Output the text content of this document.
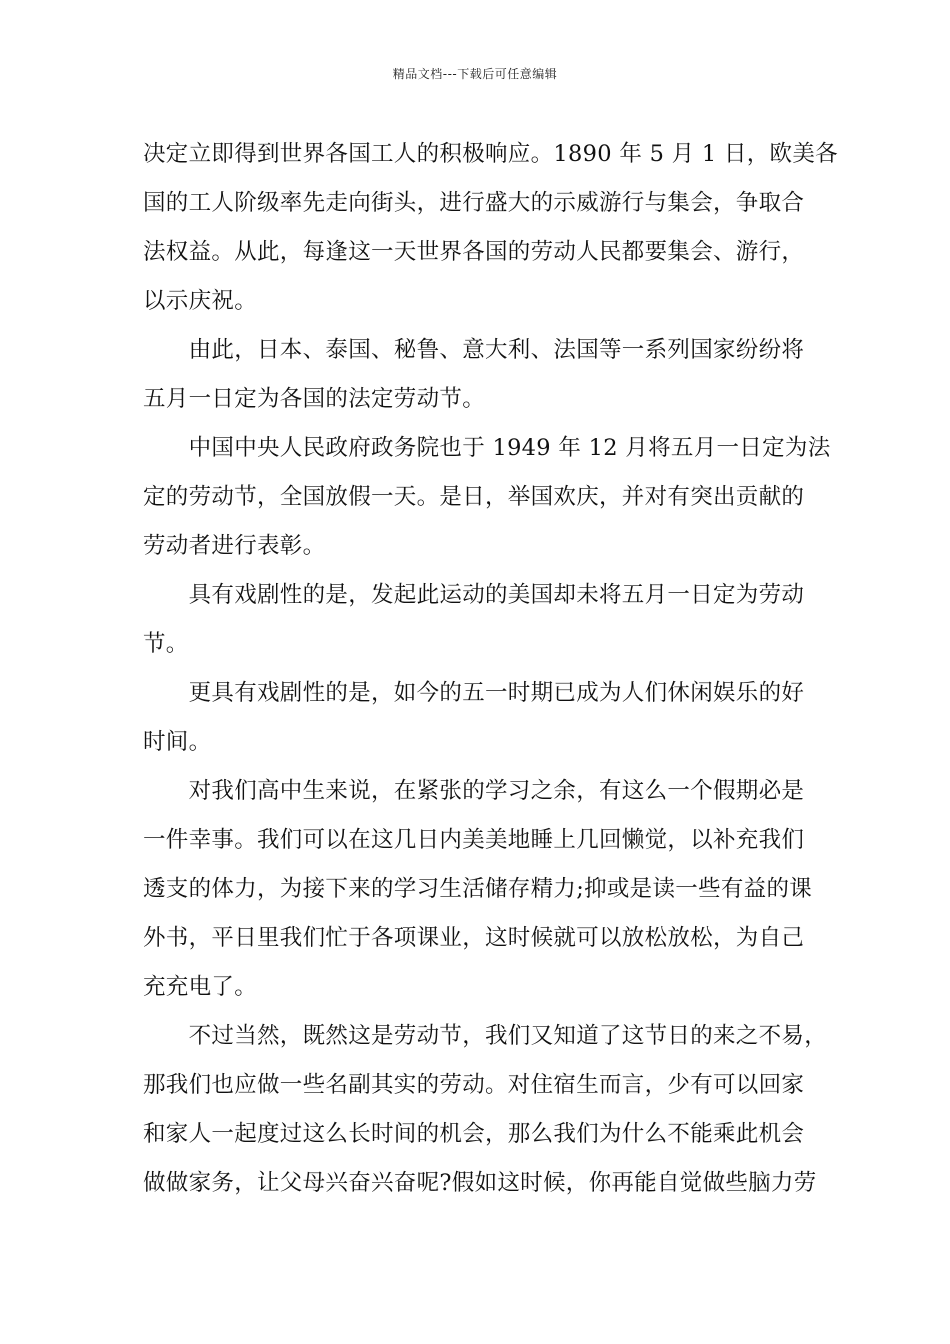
精品文档---下载后可任意编辑
决定立即得到世界各国工人的积极响应。1890 年 5 月 1 日，欧美各
国的工人阶级率先走向街头，进行盛大的示威游行与集会，争取合
法权益。从此，每逢这一天世界各国的劳动人民都要集会、游行，
以示庆祝。
　　由此，日本、泰国、秘鲁、意大利、法国等一系列国家纷纷将
五月一日定为各国的法定劳动节。
　　中国中央人民政府政务院也于 1949 年 12 月将五月一日定为法
定的劳动节，全国放假一天。是日，举国欢庆，并对有突出贡献的
劳动者进行表彰。
　　具有戏剧性的是，发起此运动的美国却未将五月一日定为劳动
节。
　　更具有戏剧性的是，如今的五一时期已成为人们休闲娱乐的好
时间。
　　对我们高中生来说，在紧张的学习之余，有这么一个假期必是
一件幸事。我们可以在这几日内美美地睡上几回懒觉，以补充我们
透支的体力，为接下来的学习生活储存精力;抑或是读一些有益的课
外书，平日里我们忙于各项课业，这时候就可以放松放松，为自己
充充电了。
　　不过当然，既然这是劳动节，我们又知道了这节日的来之不易，
那我们也应做一些名副其实的劳动。对住宿生而言，少有可以回家
和家人一起度过这么长时间的机会，那么我们为什么不能乘此机会
做做家务，让父母兴奋兴奋呢?假如这时候，你再能自觉做些脑力劳
